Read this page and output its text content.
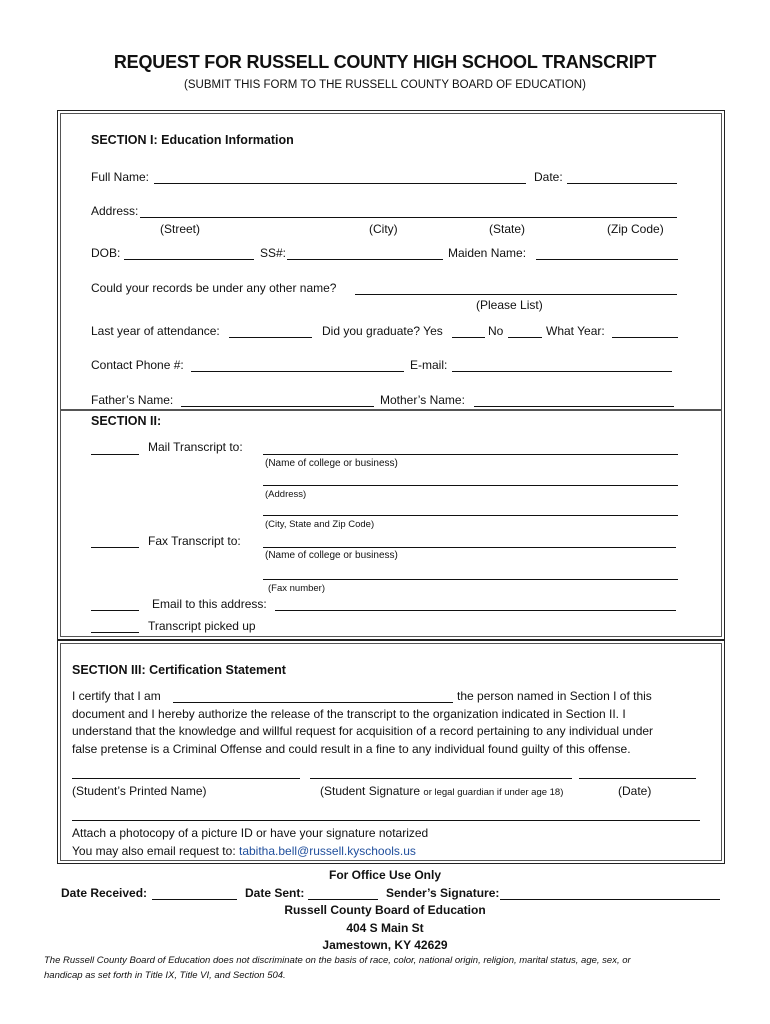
REQUEST FOR RUSSELL COUNTY HIGH SCHOOL TRANSCRIPT
(SUBMIT THIS FORM TO THE RUSSELL COUNTY BOARD OF EDUCATION)
SECTION I: Education Information
Full Name:	Date:
Address:
(Street)	(City)	(State)	(Zip Code)
DOB:	SS#:	Maiden Name:
Could your records be under any other name?
(Please List)
Last year of attendance:	Did you graduate? Yes	No	What Year:
Contact Phone #:	E-mail:
Father’s Name:	Mother’s Name:
SECTION II:
Mail Transcript to:
(Name of college or business)
(Address)
(City, State and Zip Code)
Fax Transcript to:
(Name of college or business)
(Fax number)
Email to this address:
Transcript picked up
SECTION III: Certification Statement
I certify that I am	the person named in Section I of this
document and I hereby authorize the release of the transcript to the organization indicated in Section II. I
understand that the knowledge and willful request for acquisition of a record pertaining to any individual under
false pretense is a Criminal Offense and could result in a fine to any individual found guilty of this offense.
(Student’s Printed Name)	(Student Signature or legal guardian if under age 18)	(Date)
Attach a photocopy of a picture ID or have your signature notarized
You may also email request to: tabitha.bell@russell.kyschools.us
For Office Use Only
Date Received:	Date Sent:	Sender’s Signature:
Russell County Board of Education
404 S Main St
Jamestown, KY 42629
The Russell County Board of Education does not discriminate on the basis of race, color, national origin, religion, marital status, age, sex, or
handicap as set forth in Title IX, Title VI, and Section 504.
